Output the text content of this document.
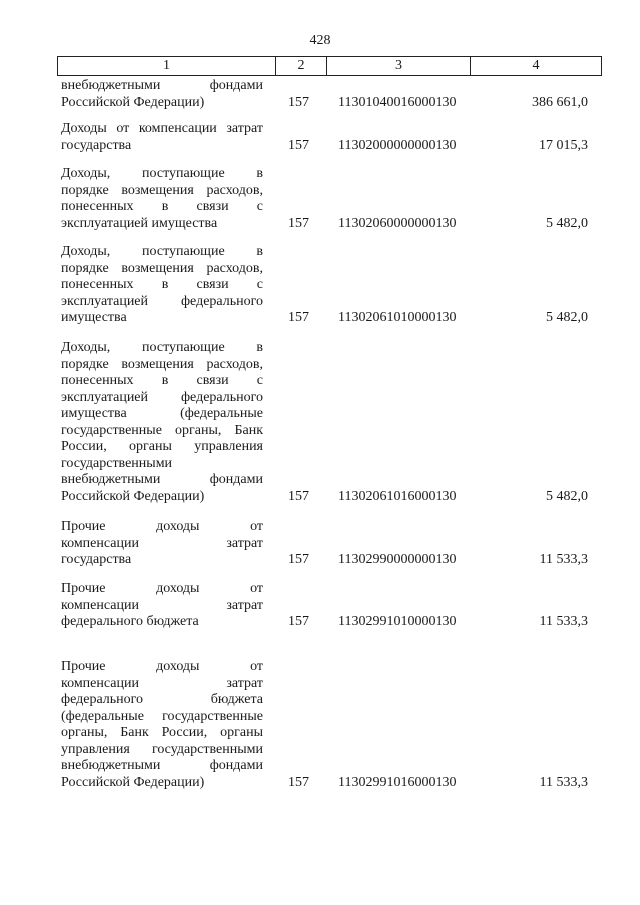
428
1	2	3	4
внебюджетными фондами
Российской Федерации)	157 11301040016000130	386 661,0
Доходы от компенсации затрат
государства	157 11302000000000130	17 015,3
Доходы, поступающие в
порядке возмещения расходов,
понесенных в связи с
эксплуатацией имущества	157 11302060000000130	5 482,0
Доходы, поступающие в
порядке возмещения расходов,
понесенных в связи с
эксплуатацией федерального
имущества	157 11302061010000130	5 482,0
Доходы, поступающие в
порядке возмещения расходов,
понесенных в связи с
эксплуатацией федерального
имущества (федеральные
государственные органы, Банк
России, органы управления
государственными
внебюджетными фондами
Российской Федерации)	157 11302061016000130	5 482,0
Прочие доходы от
компенсации затрат
государства	157 11302990000000130	11 533,3
Прочие доходы от
компенсации затрат
федерального бюджета	157 11302991010000130	11 533,3
Прочие доходы от
компенсации затрат
федерального бюджета
(федеральные государственные
органы, Банк России, органы
управления государственными
внебюджетными фондами
Российской Федерации)	157 11302991016000130	11 533,3
